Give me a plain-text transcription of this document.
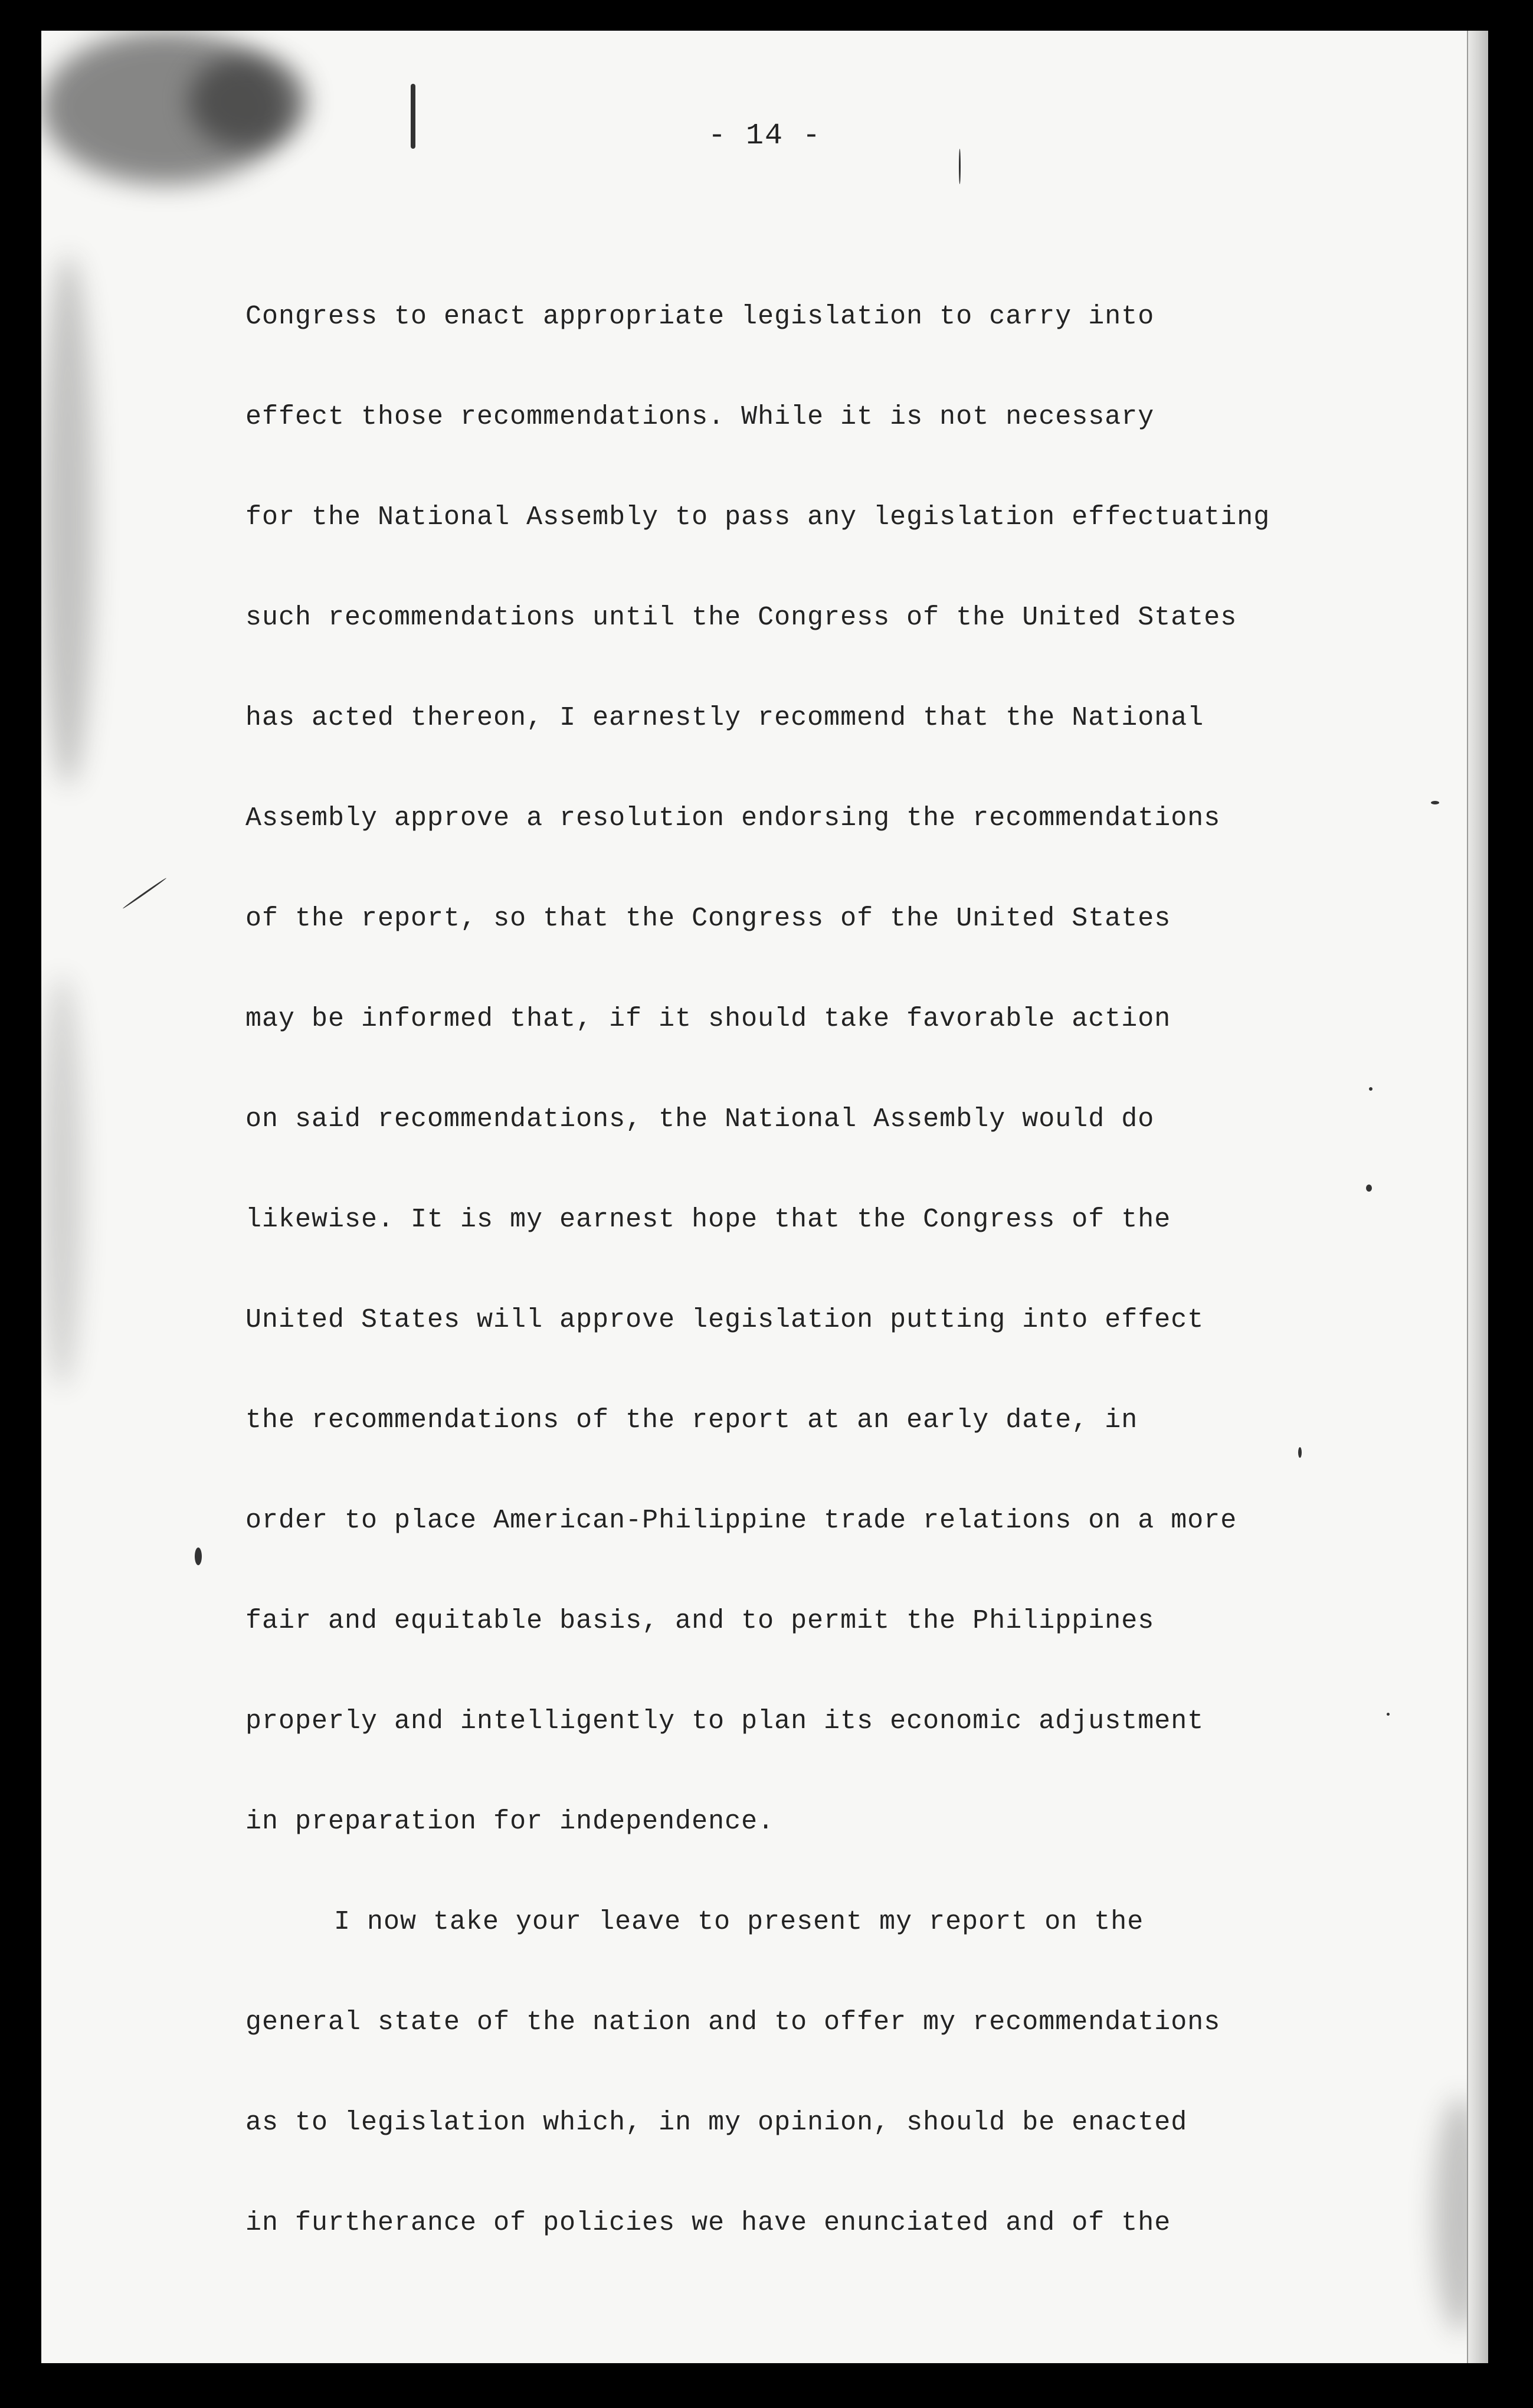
- 14 -
Congress to enact appropriate legislation to carry into
effect those recommendations. While it is not necessary
for the National Assembly to pass any legislation effectuating
such recommendations until the Congress of the United States
has acted thereon, I earnestly recommend that the National
Assembly approve a resolution endorsing the recommendations
of the report, so that the Congress of the United States
may be informed that, if it should take favorable action
on said recommendations, the National Assembly would do
likewise. It is my earnest hope that the Congress of the
United States will approve legislation putting into effect
the recommendations of the report at an early date, in
order to place American-Philippine trade relations on a more
fair and equitable basis, and to permit the Philippines
properly and intelligently to plan its economic adjustment
in preparation for independence.
I now take your leave to present my report on the
general state of the nation and to offer my recommendations
as to legislation which, in my opinion, should be enacted
in furtherance of policies we have enunciated and of the
